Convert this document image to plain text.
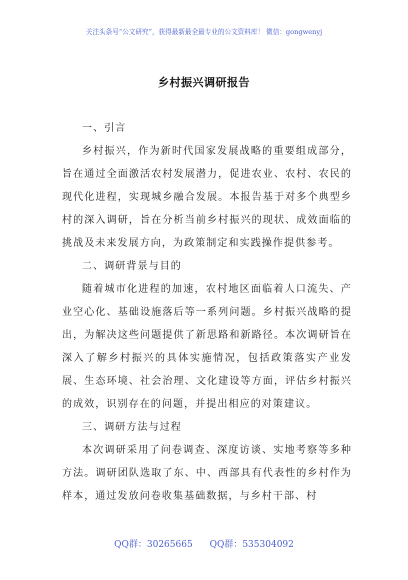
关注头条号“公文研究”，获得最新最全最专业的公文资料库！ 微信：gongwenyj
乡村振兴调研报告

一、引言

乡村振兴，作为新时代国家发展战略的重要组成部分，旨在通过全面激活农村发展潜力，促进农业、农村、农民的现代化进程，实现城乡融合发展。本报告基于对多个典型乡村的深入调研，旨在分析当前乡村振兴的现状、成效面临的挑战及未来发展方向，为政策制定和实践操作提供参考。

二、调研背景与目的

随着城市化进程的加速，农村地区面临着人口流失、产业空心化、基础设施落后等一系列问题。乡村振兴战略的提出，为解决这些问题提供了新思路和新路径。本次调研旨在深入了解乡村振兴的具体实施情况，包括政策落实产业发展、生态环境、社会治理、文化建设等方面，评估乡村振兴的成效，识别存在的问题，并提出相应的对策建议。

三、调研方法与过程

本次调研采用了问卷调查、深度访谈、实地考察等多种方法。调研团队选取了东、中、西部具有代表性的乡村作为样本，通过发放问卷收集基础数据，与乡村干部、村

QQ群：30265665 QQ群：535304092
